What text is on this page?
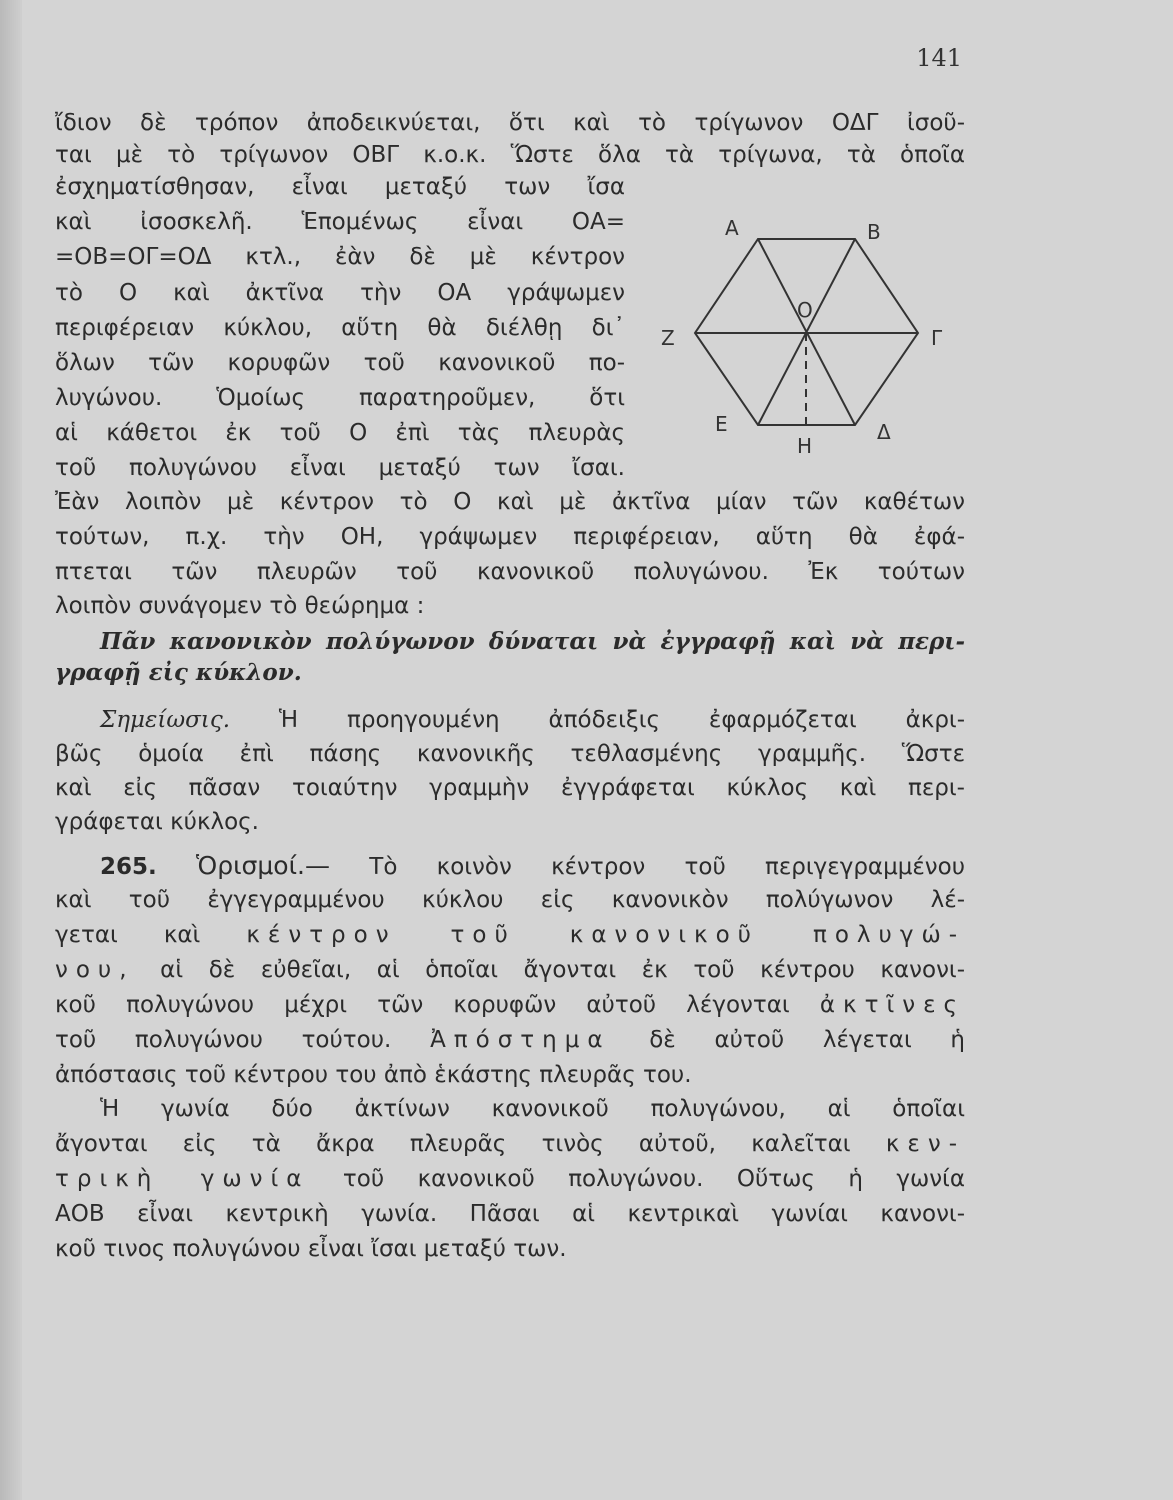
141
ἴδιον δὲ τρόπον ἀποδεικνύεται, ὅτι καὶ τὸ τρίγωνον ΟΔΓ ἰσοῦ-
ται μὲ τὸ τρίγωνον ΟΒΓ κ.ο.κ. Ὥστε ὅλα τὰ τρίγωνα, τὰ ὁποῖα
ἐσχηματίσθησαν, εἶναι μεταξύ των ἴσα
καὶ ἰσοσκελῆ. Ἑπομένως εἶναι ΟΑ=
=ΟΒ=ΟΓ=ΟΔ κτλ., ἐὰν δὲ μὲ κέντρον
τὸ Ο καὶ ἀκτῖνα τὴν ΟΑ γράψωμεν
περιφέρειαν κύκλου, αὕτη θὰ διέλθῃ δι᾽
ὅλων τῶν κορυφῶν τοῦ κανονικοῦ πο-
λυγώνου. Ὁμοίως παρατηροῦμεν, ὅτι
αἱ κάθετοι ἐκ τοῦ Ο ἐπὶ τὰς πλευρὰς
τοῦ πολυγώνου εἶναι μεταξύ των ἴσαι.
Ἐὰν λοιπὸν μὲ κέντρον τὸ Ο καὶ μὲ ἀκτῖνα μίαν τῶν καθέτων
τούτων, π.χ. τὴν ΟΗ, γράψωμεν περιφέρειαν, αὕτη θὰ ἐφά-
πτεται τῶν πλευρῶν τοῦ κανονικοῦ πολυγώνου. Ἐκ τούτων
λοιπὸν συνάγομεν τὸ θεώρημα :
Πᾶν κανονικὸν πολύγωνον δύναται νὰ ἐγγραφῇ καὶ νὰ περι-
γραφῇ εἰς κύκλον.
Σημείωσις. Ἡ προηγουμένη ἀπόδειξις ἐφαρμόζεται ἀκρι-
βῶς ὁμοία ἐπὶ πάσης κανονικῆς τεθλασμένης γραμμῆς. Ὥστε
καὶ εἰς πᾶσαν τοιαύτην γραμμὴν ἐγγράφεται κύκλος καὶ περι-
γράφεται κύκλος.
265. Ὁρισμοί.— Τὸ κοινὸν κέντρον τοῦ περιγεγραμμένου
καὶ τοῦ ἐγγεγραμμένου κύκλου εἰς κανονικὸν πολύγωνον λέ-
γεται καὶ κέντρον τοῦ κανονικοῦ πολυγώ-
νου, αἱ δὲ εὐθεῖαι, αἱ ὁποῖαι ἄγονται ἐκ τοῦ κέντρου κανονι-
κοῦ πολυγώνου μέχρι τῶν κορυφῶν αὐτοῦ λέγονται ἀκτῖνες
τοῦ πολυγώνου τούτου. Ἀπόστημα δὲ αὐτοῦ λέγεται ἡ
ἀπόστασις τοῦ κέντρου του ἀπὸ ἑκάστης πλευρᾶς του.
Ἡ γωνία δύο ἀκτίνων κανονικοῦ πολυγώνου, αἱ ὁποῖαι
ἄγονται εἰς τὰ ἄκρα πλευρᾶς τινὸς αὐτοῦ, καλεῖται κεν-
τρικὴ γωνία τοῦ κανονικοῦ πολυγώνου. Οὕτως ἡ γωνία
ΑΟΒ εἶναι κεντρικὴ γωνία. Πᾶσαι αἱ κεντρικαὶ γωνίαι κανονι-
κοῦ τινος πολυγώνου εἶναι ἴσαι μεταξύ των.
Α	Β
Ο
Ζ	Γ
Ε
Η
Δ
